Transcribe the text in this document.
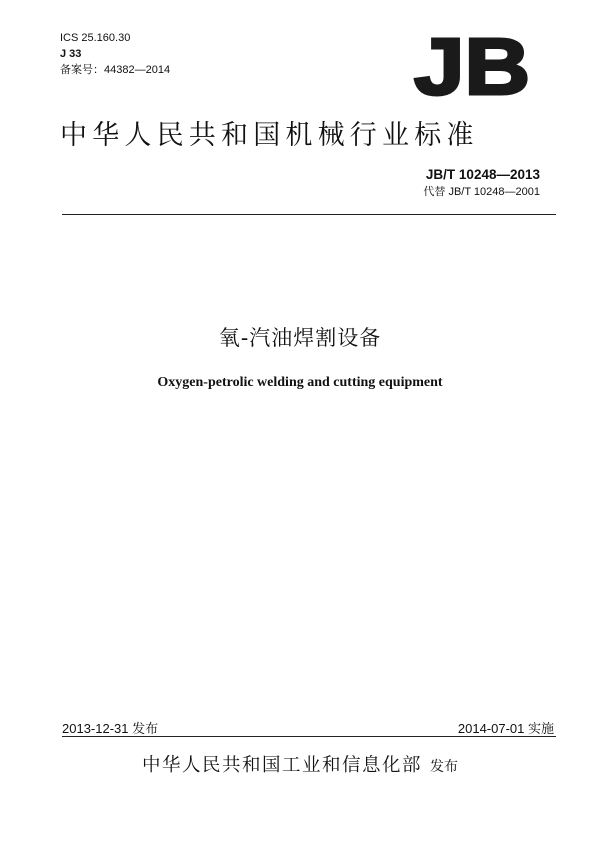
ICS 25.160.30
J 33
备案号：44382—2014	JB
中华人民共和国机械行业标准
JB/T 10248—2013
代替 JB/T 10248—2001
氧-汽油焊割设备
Oxygen-petrolic welding and cutting equipment
2013-12-31 发布	2014-07-01 实施
中华人民共和国工业和信息化部 发布
